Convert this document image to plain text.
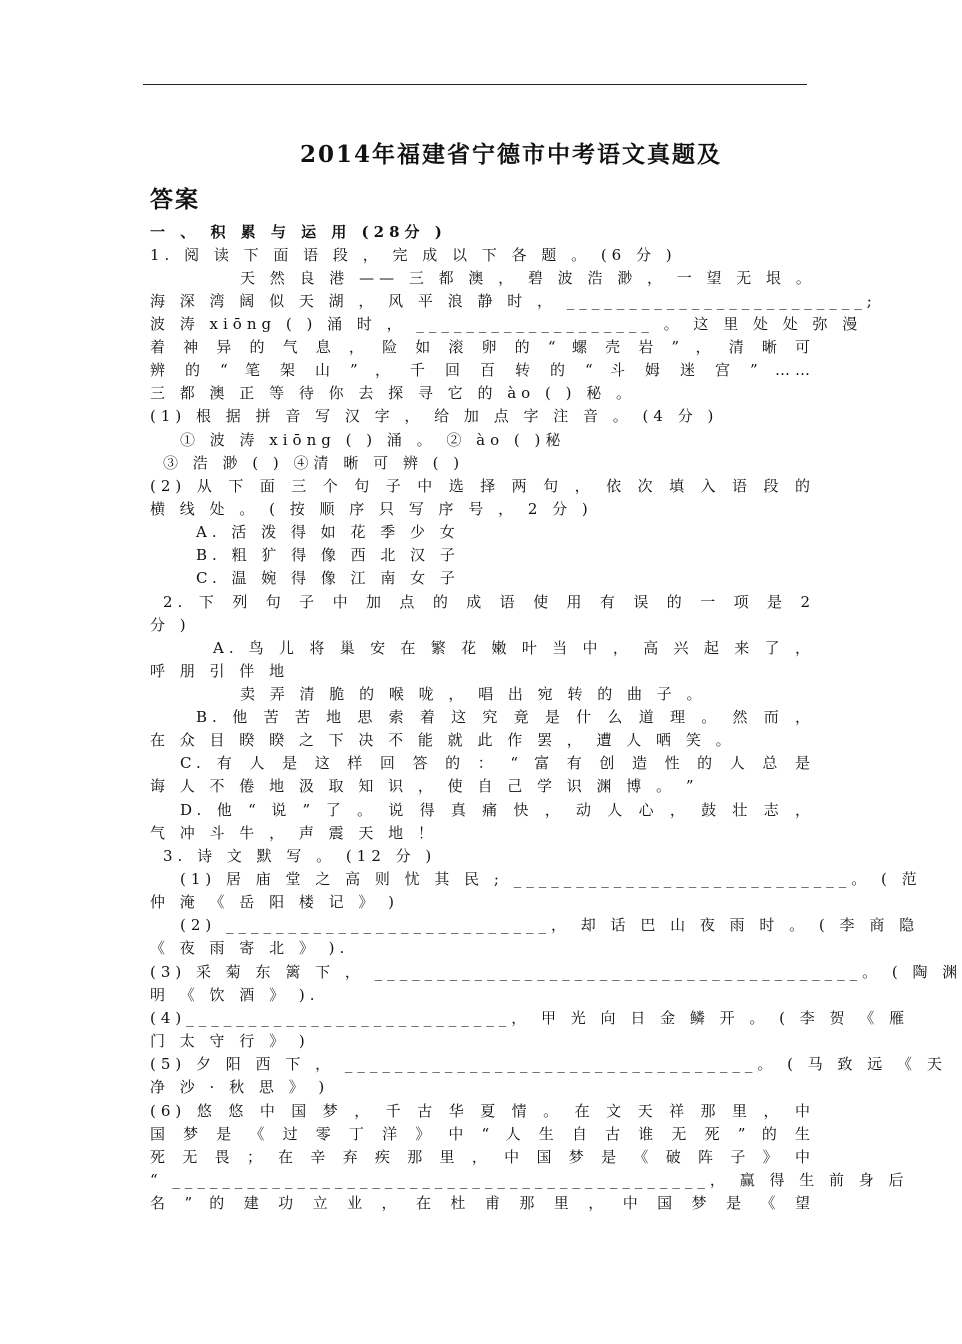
2014年福建省宁德市中考语文真题及
答案
一 、 积 累 与 运 用 (28分 )
1. 阅 读 下 面 语 段 ， 完 成 以 下 各 题 。 (6 分 )
天 然 良 港 —— 三 都 澳 ， 碧 波 浩 渺 ， 一 望 无 垠 。
海 深 湾 阔 似 天 湖 ， 风 平 浪 静 时 ， ________________________;
波 涛 xiōng ( ) 涌 时 ， ___________________ 。 这 里 处 处 弥 漫
着 神 异 的 气 息 ， 险 如 滚 卵 的 “ 螺 壳 岩 ” ， 清 晰 可
辨 的 “ 笔 架 山 ” ， 千 回 百 转 的 “ 斗 姆 迷 宫 ” ……
三 都 澳 正 等 待 你 去 探 寻 它 的 ào ( ) 秘 。
(1) 根 据 拼 音 写 汉 字 ， 给 加 点 字 注 音 。 (4 分 )
① 波 涛 xiōng ( ) 涌 。 ② ào ( )秘
③ 浩 渺 ( ) ④清 晰 可 辨 ( )
(2) 从 下 面 三 个 句 子 中 选 择 两 句 ， 依 次 填 入 语 段 的
横 线 处 。 ( 按 顺 序 只 写 序 号 ， 2 分 )
A. 活 泼 得 如 花 季 少 女
B. 粗 犷 得 像 西 北 汉 子
C. 温 婉 得 像 江 南 女 子
2. 下 列 句 子 中 加 点 的 成 语 使 用 有 误 的 一 项 是 2
分 )
A. 鸟 儿 将 巢 安 在 繁 花 嫩 叶 当 中 ， 高 兴 起 来 了 ，
呼 朋 引 伴 地
卖 弄 清 脆 的 喉 咙 ， 唱 出 宛 转 的 曲 子 。
B. 他 苦 苦 地 思 索 着 这 究 竟 是 什 么 道 理 。 然 而 ，
在 众 目 睽 睽 之 下 决 不 能 就 此 作 罢 ， 遭 人 哂 笑 。
C. 有 人 是 这 样 回 答 的 ： “ 富 有 创 造 性 的 人 总 是
诲 人 不 倦 地 汲 取 知 识 ， 使 自 己 学 识 渊 博 。 ”
D. 他 “ 说 ” 了 。 说 得 真 痛 快 ， 动 人 心 ， 鼓 壮 志 ，
气 冲 斗 牛 ， 声 震 天 地 ！
3. 诗 文 默 写 。 (12 分 )
(1) 居 庙 堂 之 高 则 忧 其 民 ; ___________________________。 ( 范
仲 淹 《 岳 阳 楼 记 》 )
(2) __________________________， 却 话 巴 山 夜 雨 时 。 ( 李 商 隐
《 夜 雨 寄 北 》 ).
(3) 采 菊 东 篱 下 ， _______________________________________。 ( 陶 渊
明 《 饮 酒 》 ).
(4)__________________________， 甲 光 向 日 金 鳞 开 。 ( 李 贺 《 雁
门 太 守 行 》 )
(5) 夕 阳 西 下 ， _________________________________。 ( 马 致 远 《 天
净 沙 · 秋 思 》 )
(6) 悠 悠 中 国 梦 ， 千 古 华 夏 情 。 在 文 天 祥 那 里 ， 中
国 梦 是 《 过 零 丁 洋 》 中 “ 人 生 自 古 谁 无 死 ” 的 生
死 无 畏 ； 在 辛 弃 疾 那 里 ， 中 国 梦 是 《 破 阵 子 》 中
“ ___________________________________________， 赢 得 生 前 身 后
名 ” 的 建 功 立 业 ， 在 杜 甫 那 里 ， 中 国 梦 是 《 望
